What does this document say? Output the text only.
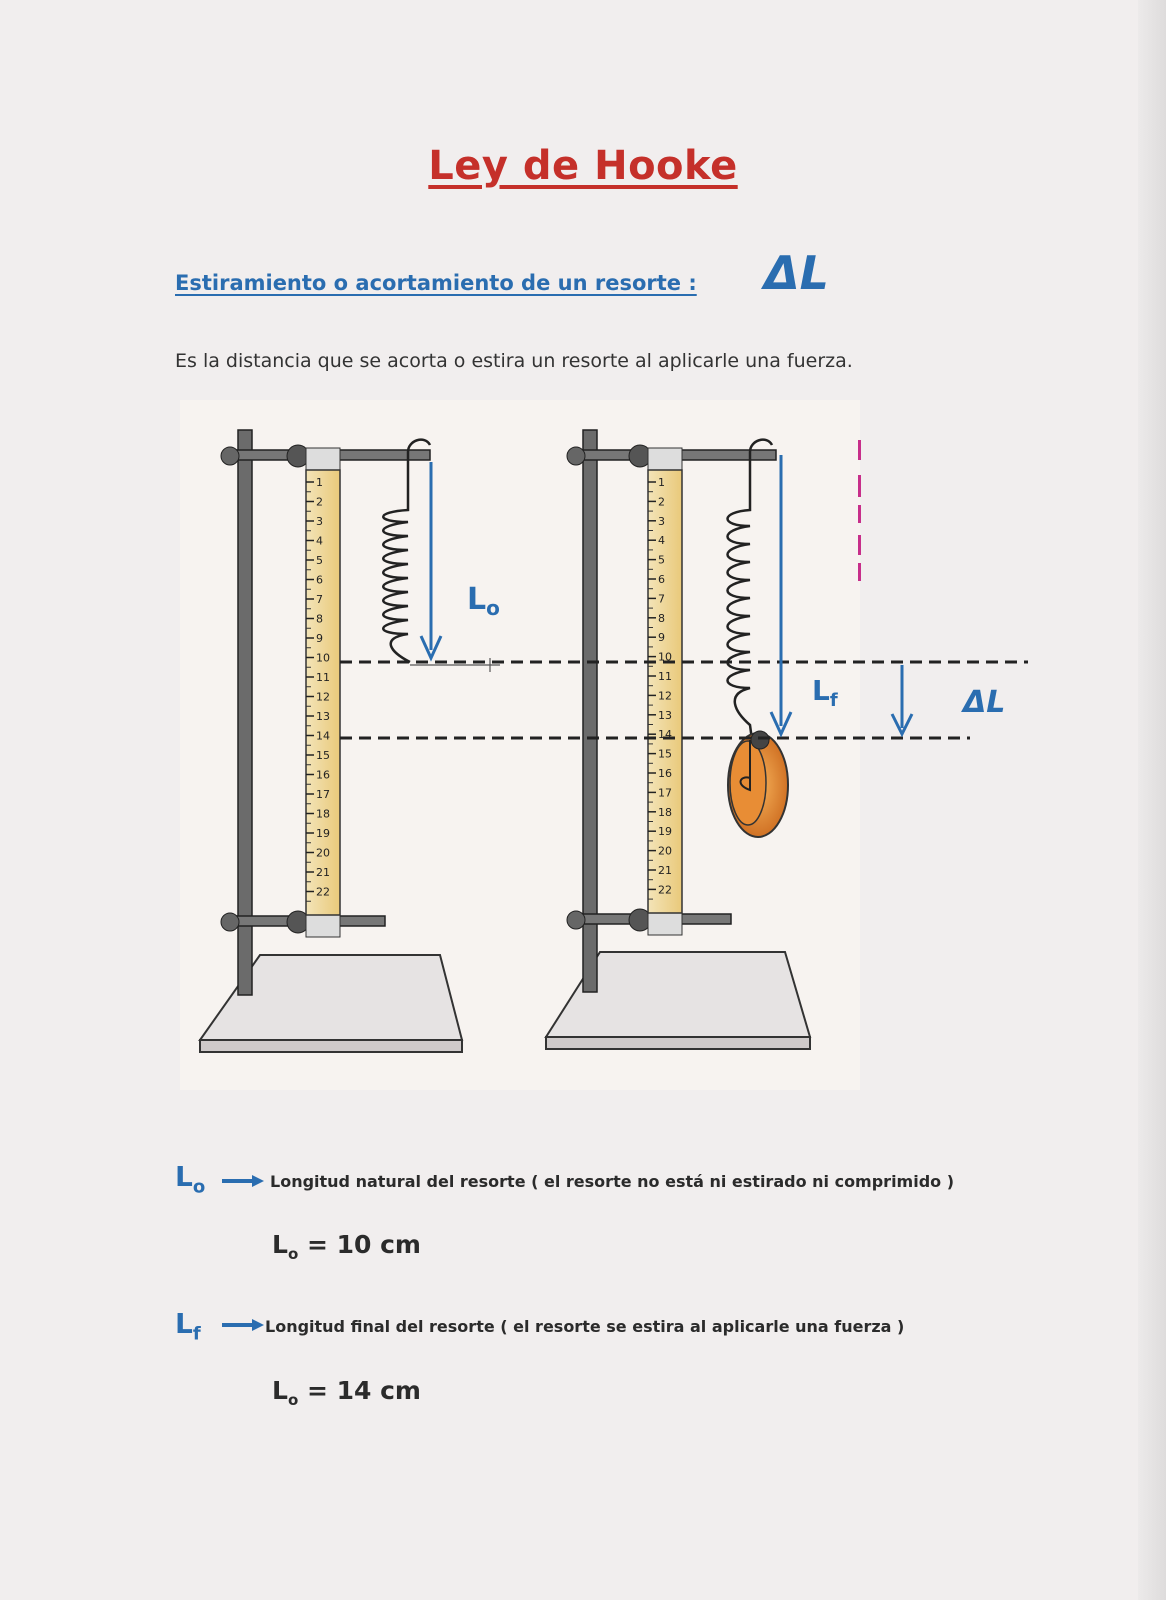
Ley de Hooke
Estiramiento o acortamiento de un resorte : ΔL
Es la distancia que se acorta o estira un resorte al aplicarle una fuerza.
1
2
3
4
5
6
7
8
9
10
11
12
13
14
15
16
17
18
19
20
21
22
1
2
3
4
5
6
7
8
9
10
11
12
13
14
15
16
17
18
19
20
21
22
$L_o$
$L_f$	ΔL
$L_o$	Longitud natural del resorte ( el resorte no está ni estirado ni comprimido )
$L_o = 10$ cm
$L_f$	Longitud final del resorte ( el resorte se estira al aplicarle una fuerza )
$L_o = 14$ cm
